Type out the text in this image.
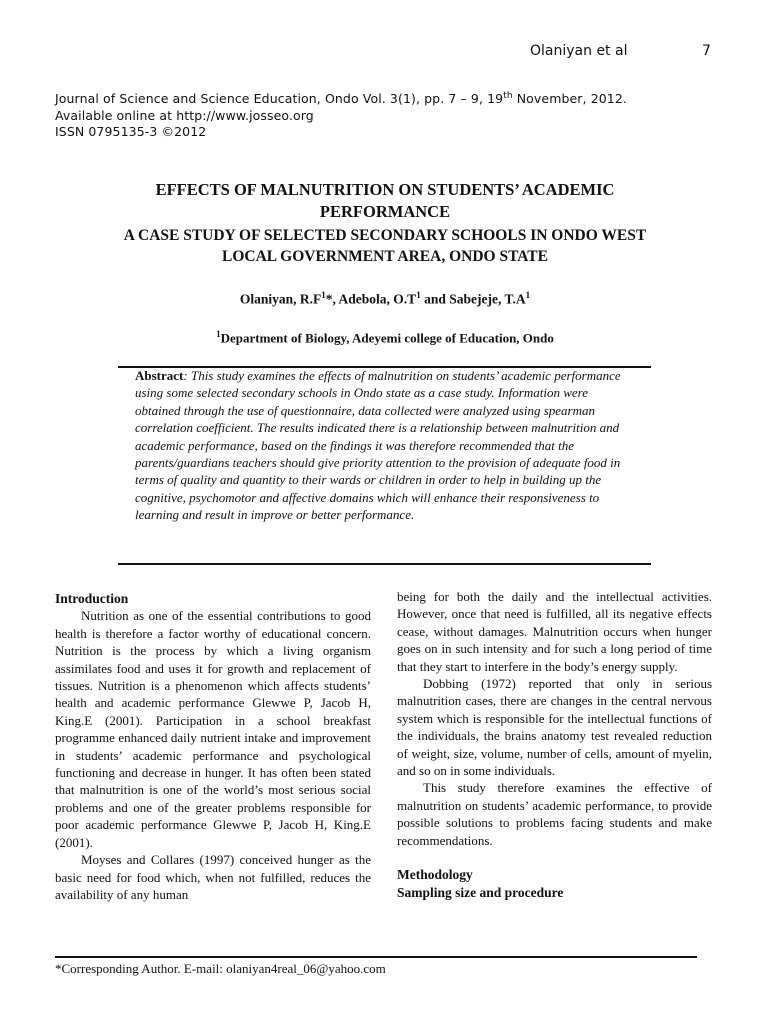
Olaniyan et al	7
Journal of Science and Science Education, Ondo Vol. 3(1), pp. 7 – 9, 19th November, 2012.
Available online at http://www.josseo.org
ISSN 0795135-3 ©2012
EFFECTS OF MALNUTRITION ON STUDENTS’ ACADEMIC
PERFORMANCE
A CASE STUDY OF SELECTED SECONDARY SCHOOLS IN ONDO WEST
LOCAL GOVERNMENT AREA, ONDO STATE
Olaniyan, $R.F^1*$, Adebola, $O.T^1$ and Sabejeje, $T.A^1$
$^1$Department of Biology, Adeyemi college of Education, Ondo
Abstract: This study examines the effects of malnutrition on students’ academic performance using some selected secondary schools in Ondo state as a case study. Information were obtained through the use of questionnaire, data collected were analyzed using spearman correlation coefficient. The results indicated there is a relationship between malnutrition and academic performance, based on the findings it was therefore recommended that the parents/guardians teachers should give priority attention to the provision of adequate food in terms of quality and quantity to their wards or children in order to help in building up the cognitive, psychomotor and affective domains which will enhance their responsiveness to learning and result in improve or better performance.
Introduction

Nutrition as one of the essential contributions to good health is therefore a factor worthy of educational concern. Nutrition is the process by which a living organism assimilates food and uses it for growth and replacement of tissues. Nutrition is a phenomenon which affects students’ health and academic performance Glewwe P, Jacob H, King.E (2001). Participation in a school breakfast programme enhanced daily nutrient intake and improvement in students’ academic performance and psychological functioning and decrease in hunger. It has often been stated that malnutrition is one of the world’s most serious social problems and one of the greater problems responsible for poor academic performance Glewwe P, Jacob H, King.E (2001).

Moyses and Collares (1997) conceived hunger as the basic need for food which, when not fulfilled, reduces the availability of any human

being for both the daily and the intellectual activities. However, once that need is fulfilled, all its negative effects cease, without damages. Malnutrition occurs when hunger goes on in such intensity and for such a long period of time that they start to interfere in the body’s energy supply.

Dobbing (1972) reported that only in serious malnutrition cases, there are changes in the central nervous system which is responsible for the intellectual functions of the individuals, the brains anatomy test revealed reduction of weight, size, volume, number of cells, amount of myelin, and so on in some individuals.

This study therefore examines the effective of malnutrition on students’ academic performance, to provide possible solutions to problems facing students and make recommendations.

Methodology
Sampling size and procedure
*Corresponding Author. E-mail: olaniyan4real_06@yahoo.com
